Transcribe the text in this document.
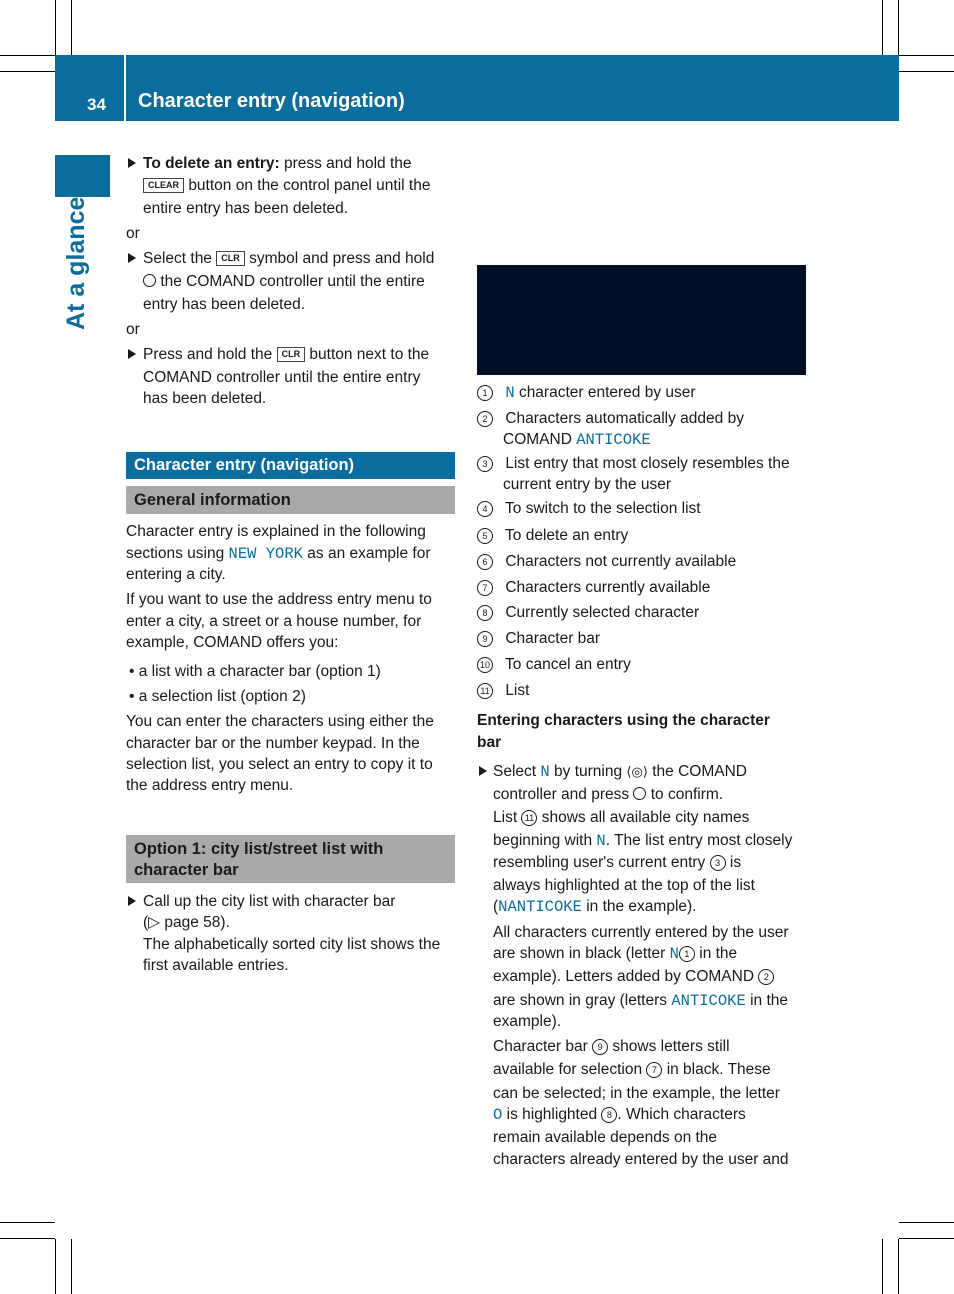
34 Character entry (navigation)
At a glance
To delete an entry: press and hold the
CLEAR button on the control panel until the
entire entry has been deleted.
or
Select the CLR symbol and press and hold
the COMAND controller until the entire
entry has been deleted.
or
Press and hold the CLR button next to the
COMAND controller until the entire entry
has been deleted.
Character entry (navigation)
General information
Character entry is explained in the following
sections using NEW YORK as an example for
entering a city.
If you want to use the address entry menu to
enter a city, a street or a house number, for
example, COMAND offers you:
• a list with a character bar (option 1)
• a selection list (option 2)
You can enter the characters using either the
character bar or the number keypad. In the
selection list, you select an entry to copy it to
the address entry menu.
Option 1: city list/street list with character bar
Call up the city list with character bar
(▷ page 58).
The alphabetically sorted city list shows the
first available entries.
1 N character entered by user
2 Characters automatically added by
COMAND ANTICOKE
3 List entry that most closely resembles the
current entry by the user
4 To switch to the selection list
5 To delete an entry
6 Characters not currently available
7 Characters currently available
8 Currently selected character
9 Character bar
10 To cancel an entry
11 List
Entering characters using the character
bar
Select N by turning ⟨◎⟩ the COMAND
controller and press to confirm.
List 11 shows all available city names
beginning with N. The list entry most closely
resembling user's current entry 3 is
always highlighted at the top of the list
(NANTICOKE in the example).
All characters currently entered by the user
are shown in black (letter N 1 in the
example). Letters added by COMAND 2
are shown in gray (letters ANTICOKE in the
example).
Character bar 9 shows letters still
available for selection 7 in black. These
can be selected; in the example, the letter
O is highlighted 8 . Which characters
remain available depends on the
characters already entered by the user and
